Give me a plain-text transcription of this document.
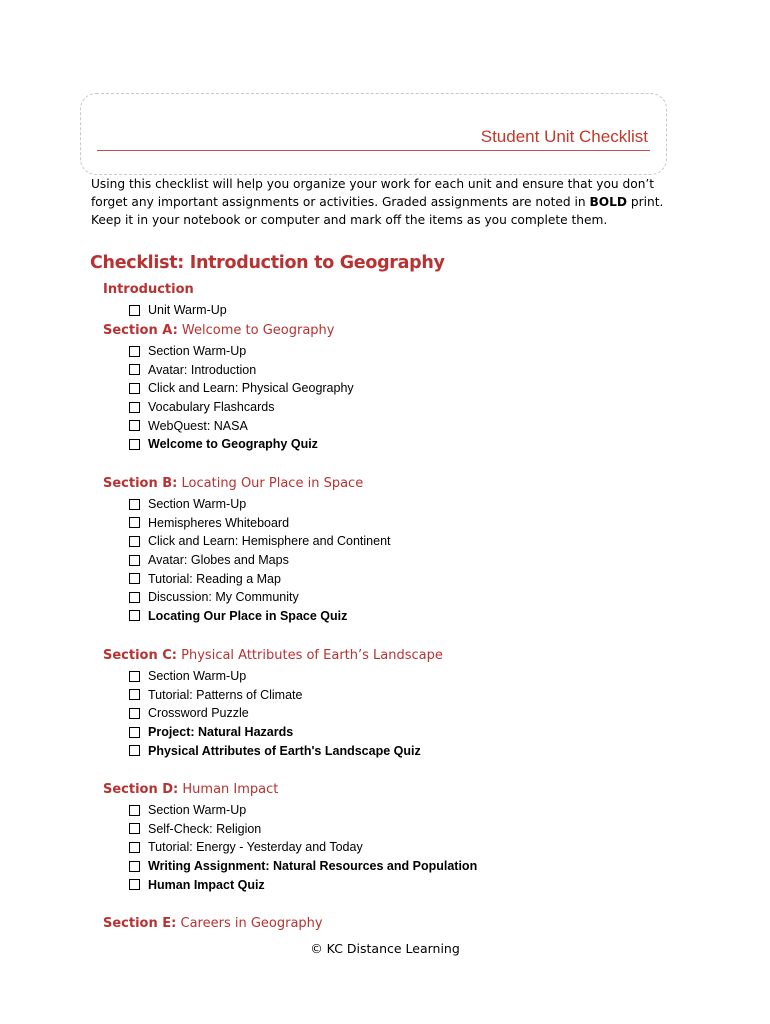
Student Unit Checklist

Using this checklist will help you organize your work for each unit and ensure that you don’t forget any important assignments or activities. Graded assignments are noted in BOLD print. Keep it in your notebook or computer and mark off the items as you complete them.

Checklist: Introduction to Geography
Introduction
Unit Warm-Up
Section A: Welcome to Geography
Section Warm-Up
Avatar: Introduction
Click and Learn: Physical Geography
Vocabulary Flashcards
WebQuest: NASA
Welcome to Geography Quiz
Section B: Locating Our Place in Space
Section Warm-Up
Hemispheres Whiteboard
Click and Learn: Hemisphere and Continent
Avatar: Globes and Maps
Tutorial: Reading a Map
Discussion: My Community
Locating Our Place in Space Quiz
Section C: Physical Attributes of Earth’s Landscape
Section Warm-Up
Tutorial: Patterns of Climate
Crossword Puzzle
Project: Natural Hazards
Physical Attributes of Earth's Landscape Quiz
Section D: Human Impact
Section Warm-Up
Self-Check: Religion
Tutorial: Energy - Yesterday and Today
Writing Assignment: Natural Resources and Population
Human Impact Quiz
Section E: Careers in Geography
© KC Distance Learning
